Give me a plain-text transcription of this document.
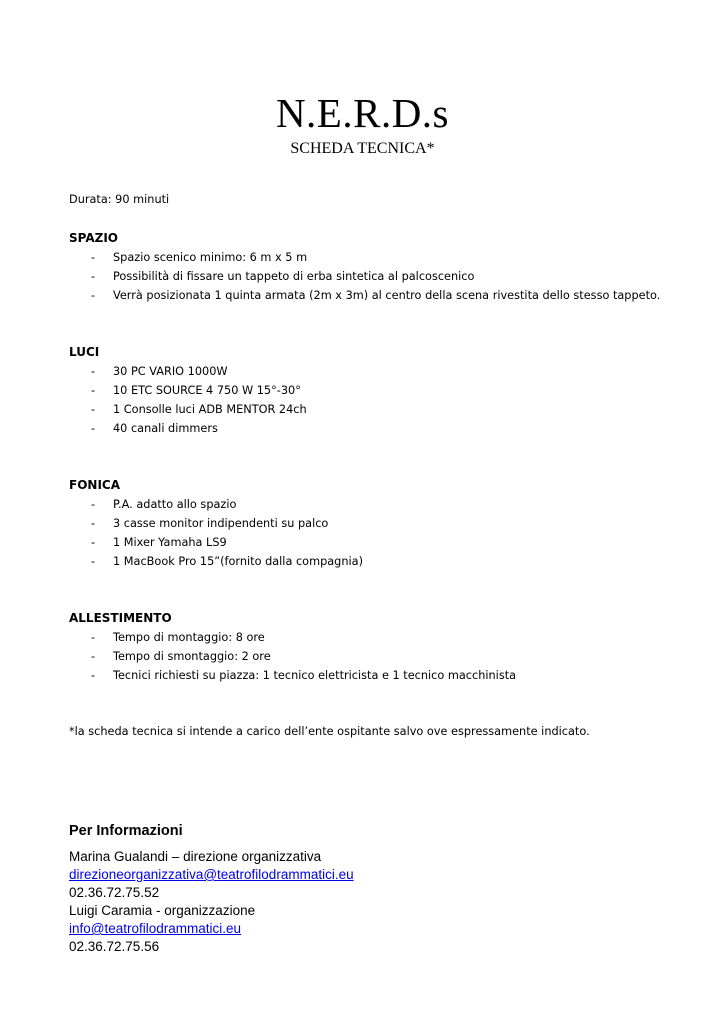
N.E.R.D.s
SCHEDA TECNICA*
Durata: 90 minuti
SPAZIO
- Spazio scenico minimo: 6 m x 5 m
- Possibilità di fissare un tappeto di erba sintetica al palcoscenico
- Verrà posizionata 1 quinta armata (2m x 3m) al centro della scena rivestita dello stesso tappeto.
LUCI
- 30 PC VARIO 1000W
- 10 ETC SOURCE 4 750 W 15°-30°
- 1 Consolle luci ADB MENTOR 24ch
- 40 canali dimmers
FONICA
- P.A. adatto allo spazio
- 3 casse monitor indipendenti su palco
- 1 Mixer Yamaha LS9
- 1 MacBook Pro 15”(fornito dalla compagnia)
ALLESTIMENTO
- Tempo di montaggio: 8 ore
- Tempo di smontaggio: 2 ore
- Tecnici richiesti su piazza: 1 tecnico elettricista e 1 tecnico macchinista
*la scheda tecnica si intende a carico dell’ente ospitante salvo ove espressamente indicato.
Per Informazioni
Marina Gualandi – direzione organizzativa
direzioneorganizzativa@teatrofilodrammatici.eu
02.36.72.75.52
Luigi Caramia - organizzazione
info@teatrofilodrammatici.eu
02.36.72.75.56
